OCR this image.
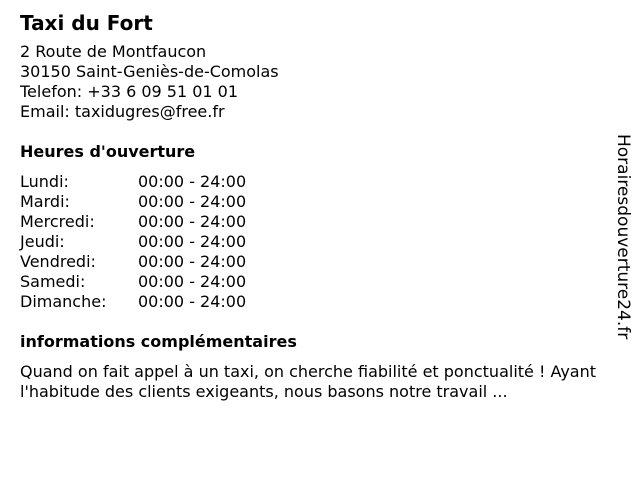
Taxi du Fort
2 Route de Montfaucon
30150 Saint-Geniès-de-Comolas
Telefon: +33 6 09 51 01 01
Email: taxidugres@free.fr
Heures d'ouverture
Lundi:	00:00 - 24:00
Mardi:	00:00 - 24:00
Mercredi:	00:00 - 24:00
Jeudi:	00:00 - 24:00
Vendredi:	00:00 - 24:00
Samedi:	00:00 - 24:00
Dimanche:	00:00 - 24:00
informations complémentaires
Quand on fait appel à un taxi, on cherche fiabilité et ponctualité ! Ayant l'habitude des clients exigeants, nous basons notre travail ...
Horairesdouverture24.fr
